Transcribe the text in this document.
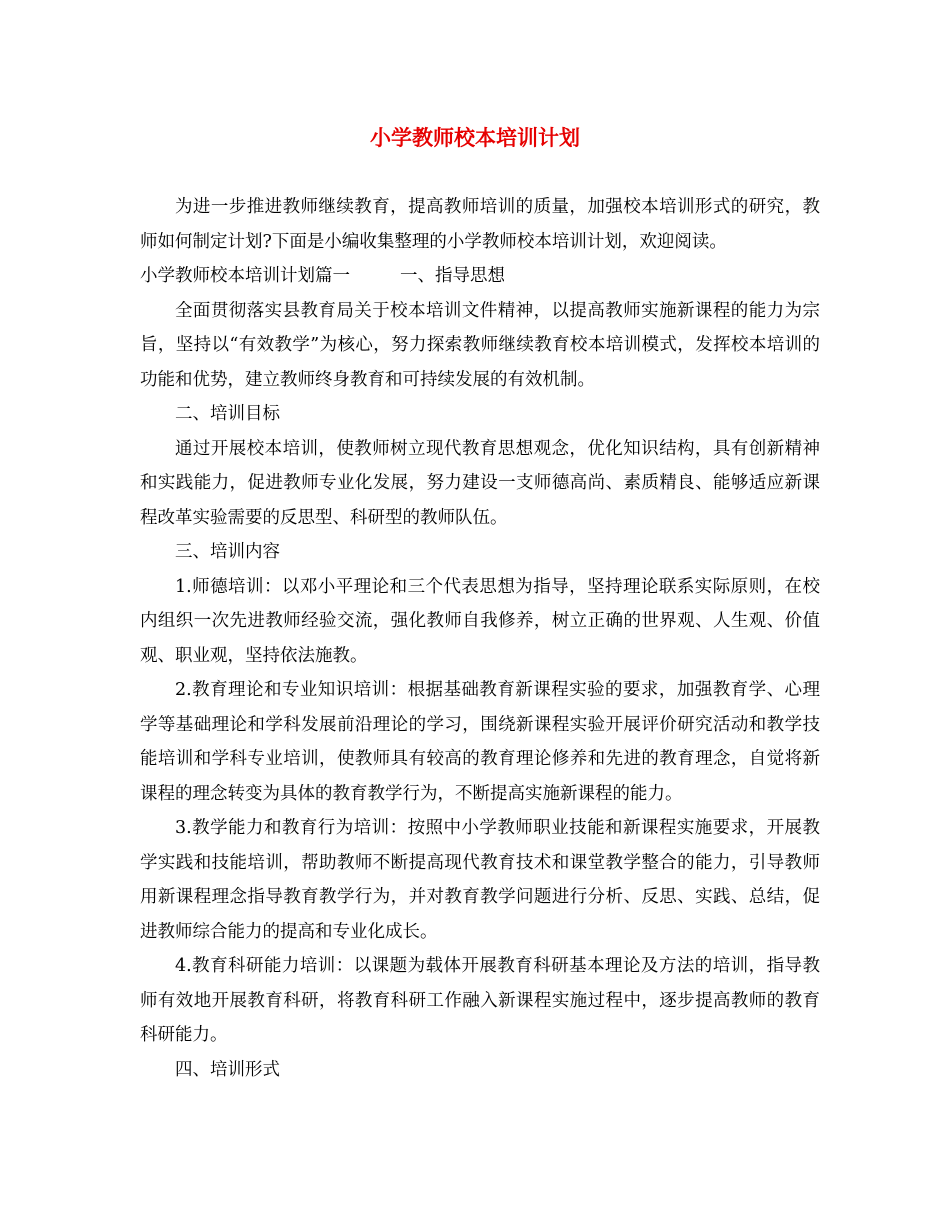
小学教师校本培训计划

为进一步推进教师继续教育，提高教师培训的质量，加强校本培训形式的研究，教师如何制定计划?下面是小编收集整理的小学教师校本培训计划，欢迎阅读。

小学教师校本培训计划篇一	一、指导思想

全面贯彻落实县教育局关于校本培训文件精神，以提高教师实施新课程的能力为宗旨，坚持以“有效教学”为核心，努力探索教师继续教育校本培训模式，发挥校本培训的功能和优势，建立教师终身教育和可持续发展的有效机制。

二、培训目标

通过开展校本培训，使教师树立现代教育思想观念，优化知识结构，具有创新精神和实践能力，促进教师专业化发展，努力建设一支师德高尚、素质精良、能够适应新课程改革实验需要的反思型、科研型的教师队伍。

三、培训内容

1.师德培训：以邓小平理论和三个代表思想为指导，坚持理论联系实际原则，在校内组织一次先进教师经验交流，强化教师自我修养，树立正确的世界观、人生观、价值观、职业观，坚持依法施教。

2.教育理论和专业知识培训：根据基础教育新课程实验的要求，加强教育学、心理学等基础理论和学科发展前沿理论的学习，围绕新课程实验开展评价研究活动和教学技能培训和学科专业培训，使教师具有较高的教育理论修养和先进的教育理念，自觉将新课程的理念转变为具体的教育教学行为，不断提高实施新课程的能力。

3.教学能力和教育行为培训：按照中小学教师职业技能和新课程实施要求，开展教学实践和技能培训，帮助教师不断提高现代教育技术和课堂教学整合的能力，引导教师用新课程理念指导教育教学行为，并对教育教学问题进行分析、反思、实践、总结，促进教师综合能力的提高和专业化成长。

4.教育科研能力培训：以课题为载体开展教育科研基本理论及方法的培训，指导教师有效地开展教育科研，将教育科研工作融入新课程实施过程中，逐步提高教师的教育科研能力。

四、培训形式
